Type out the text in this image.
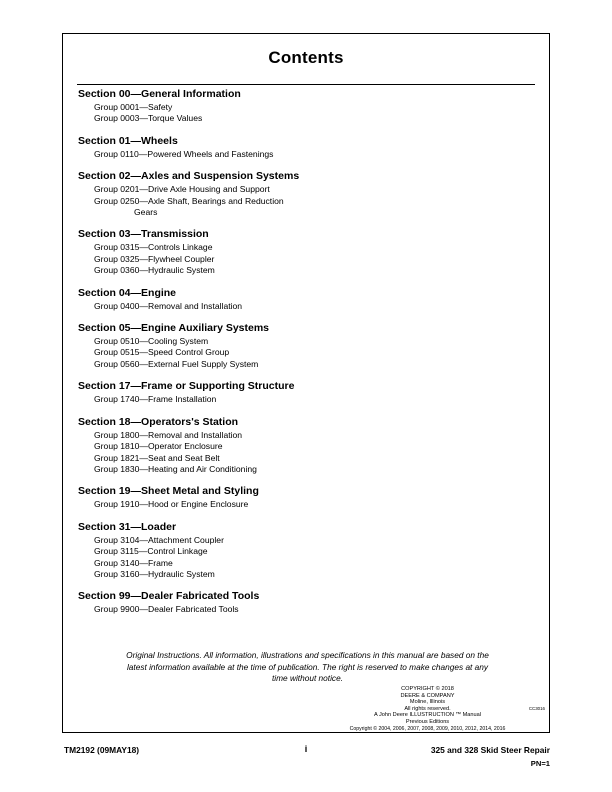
Contents
Section 00—General Information
Group 0001—Safety
Group 0003—Torque Values
Section 01—Wheels
Group 0110—Powered Wheels and Fastenings
Section 02—Axles and Suspension Systems
Group 0201—Drive Axle Housing and Support
Group 0250—Axle Shaft, Bearings and Reduction
Gears
Section 03—Transmission
Group 0315—Controls Linkage
Group 0325—Flywheel Coupler
Group 0360—Hydraulic System
Section 04—Engine
Group 0400—Removal and Installation
Section 05—Engine Auxiliary Systems
Group 0510—Cooling System
Group 0515—Speed Control Group
Group 0560—External Fuel Supply System
Section 17—Frame or Supporting Structure
Group 1740—Frame Installation
Section 18—Operators's Station
Group 1800—Removal and Installation
Group 1810—Operator Enclosure
Group 1821—Seat and Seat Belt
Group 1830—Heating and Air Conditioning
Section 19—Sheet Metal and Styling
Group 1910—Hood or Engine Enclosure
Section 31—Loader
Group 3104—Attachment Coupler
Group 3115—Control Linkage
Group 3140—Frame
Group 3160—Hydraulic System
Section 99—Dealer Fabricated Tools
Group 9900—Dealer Fabricated Tools
Original Instructions. All information, illustrations and specifications in this manual are based on the latest information available at the time of publication. The right is reserved to make changes at any time without notice.
COPYRIGHT © 2018
DEERE & COMPANY
Moline, Illinois
All rights reserved.
A John Deere ILLUSTRUCTION ™ Manual
Previous Editions
Copyright © 2004, 2006, 2007, 2008, 2009, 2010, 2012, 2014, 2016
CC3016
TM2192 (09MAY18)	i	325 and 328 Skid Steer Repair
PN=1
